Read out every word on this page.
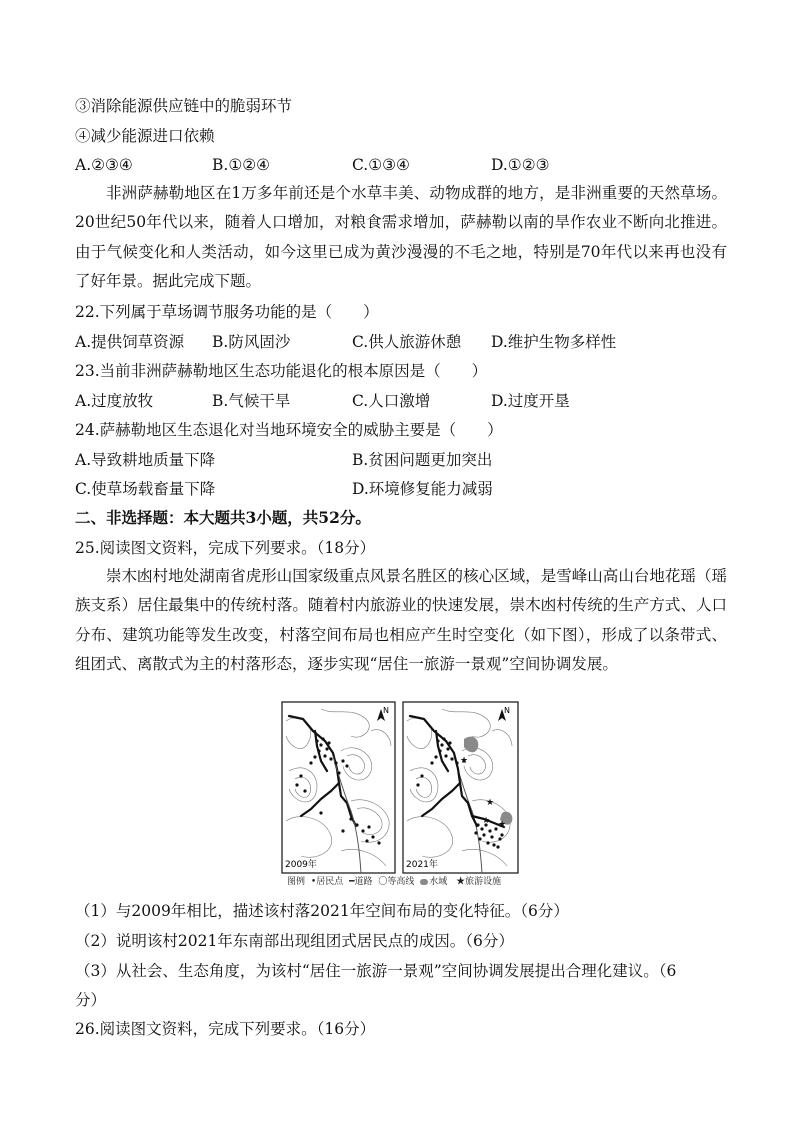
③消除能源供应链中的脆弱环节
④减少能源进口依赖
A.②③④	B.①②④	C.①③④	D.①②③

非洲萨赫勒地区在1万多年前还是个水草丰美、动物成群的地方，是非洲重要的天然草场。20世纪50年代以来，随着人口增加，对粮食需求增加，萨赫勒以南的旱作农业不断向北推进。由于气候变化和人类活动，如今这里已成为黄沙漫漫的不毛之地，特别是70年代以来再也没有了好年景。据此完成下题。

22.下列属于草场调节服务功能的是（　　）
A.提供饲草资源 B.防风固沙	C.供人旅游休憩 D.维护生物多样性
23.当前非洲萨赫勒地区生态功能退化的根本原因是（　　）
A.过度放牧	B.气候干旱	C.人口激增	D.过度开垦
24.萨赫勒地区生态退化对当地环境安全的威胁主要是（　　）
A.导致耕地质量下降	B.贫困问题更加突出
C.使草场载畜量下降	D.环境修复能力减弱
二、非选择题：本大题共3小题，共52分。
25.阅读图文资料，完成下列要求。（18分）

崇木凼村地处湖南省虎形山国家级重点风景名胜区的核心区域，是雪峰山高山台地花瑶（瑶族支系）居住最集中的传统村落。随着村内旅游业的快速发展，崇木凼村传统的生产方式、人口分布、建筑功能等发生改变，村落空间布局也相应产生时空变化（如下图），形成了以条带式、组团式、离散式为主的村落形态，逐步实现“居住一旅游一景观”空间协调发展。

N
2009年
★
★
★ ★
N
2021年
图例 •居民点 ━道路 〇等高线 水域 ★旅游设施
（1）与2009年相比，描述该村落2021年空间布局的变化特征。（6分）
（2）说明该村2021年东南部出现组团式居民点的成因。（6分）
（3）从社会、生态角度，为该村“居住一旅游一景观”空间协调发展提出合理化建议。（6
分）
26.阅读图文资料，完成下列要求。（16分）
